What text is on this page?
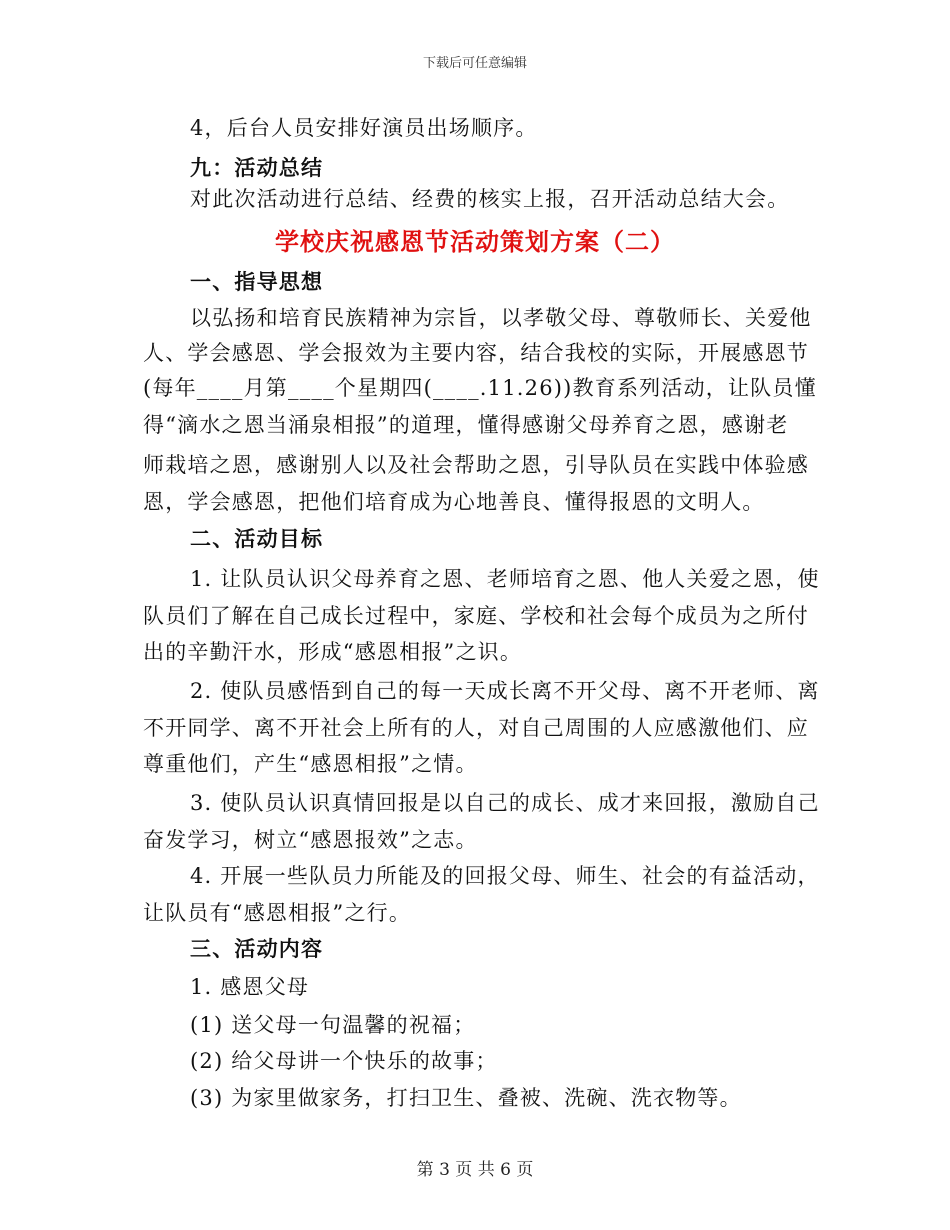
下载后可任意编辑
4，后台人员安排好演员出场顺序。
九：活动总结
对此次活动进行总结、经费的核实上报，召开活动总结大会。
学校庆祝感恩节活动策划方案（二）
一、指导思想
以弘扬和培育民族精神为宗旨，以孝敬父母、尊敬师长、关爱他
人、学会感恩、学会报效为主要内容，结合我校的实际，开展感恩节
(每年____月第____个星期四(____.11.26))教育系列活动，让队员懂
得“滴水之恩当涌泉相报”的道理，懂得感谢父母养育之恩，感谢老
师栽培之恩，感谢别人以及社会帮助之恩，引导队员在实践中体验感
恩，学会感恩，把他们培育成为心地善良、懂得报恩的文明人。
二、活动目标
1. 让队员认识父母养育之恩、老师培育之恩、他人关爱之恩，使
队员们了解在自己成长过程中，家庭、学校和社会每个成员为之所付
出的辛勤汗水，形成“感恩相报”之识。
2. 使队员感悟到自己的每一天成长离不开父母、离不开老师、离
不开同学、离不开社会上所有的人，对自己周围的人应感激他们、应
尊重他们，产生“感恩相报”之情。
3. 使队员认识真情回报是以自己的成长、成才来回报，激励自己
奋发学习，树立“感恩报效”之志。
4. 开展一些队员力所能及的回报父母、师生、社会的有益活动，
让队员有“感恩相报”之行。
三、活动内容
1. 感恩父母
(1) 送父母一句温馨的祝福；
(2) 给父母讲一个快乐的故事；
(3) 为家里做家务，打扫卫生、叠被、洗碗、洗衣物等。
第 3 页 共 6 页
